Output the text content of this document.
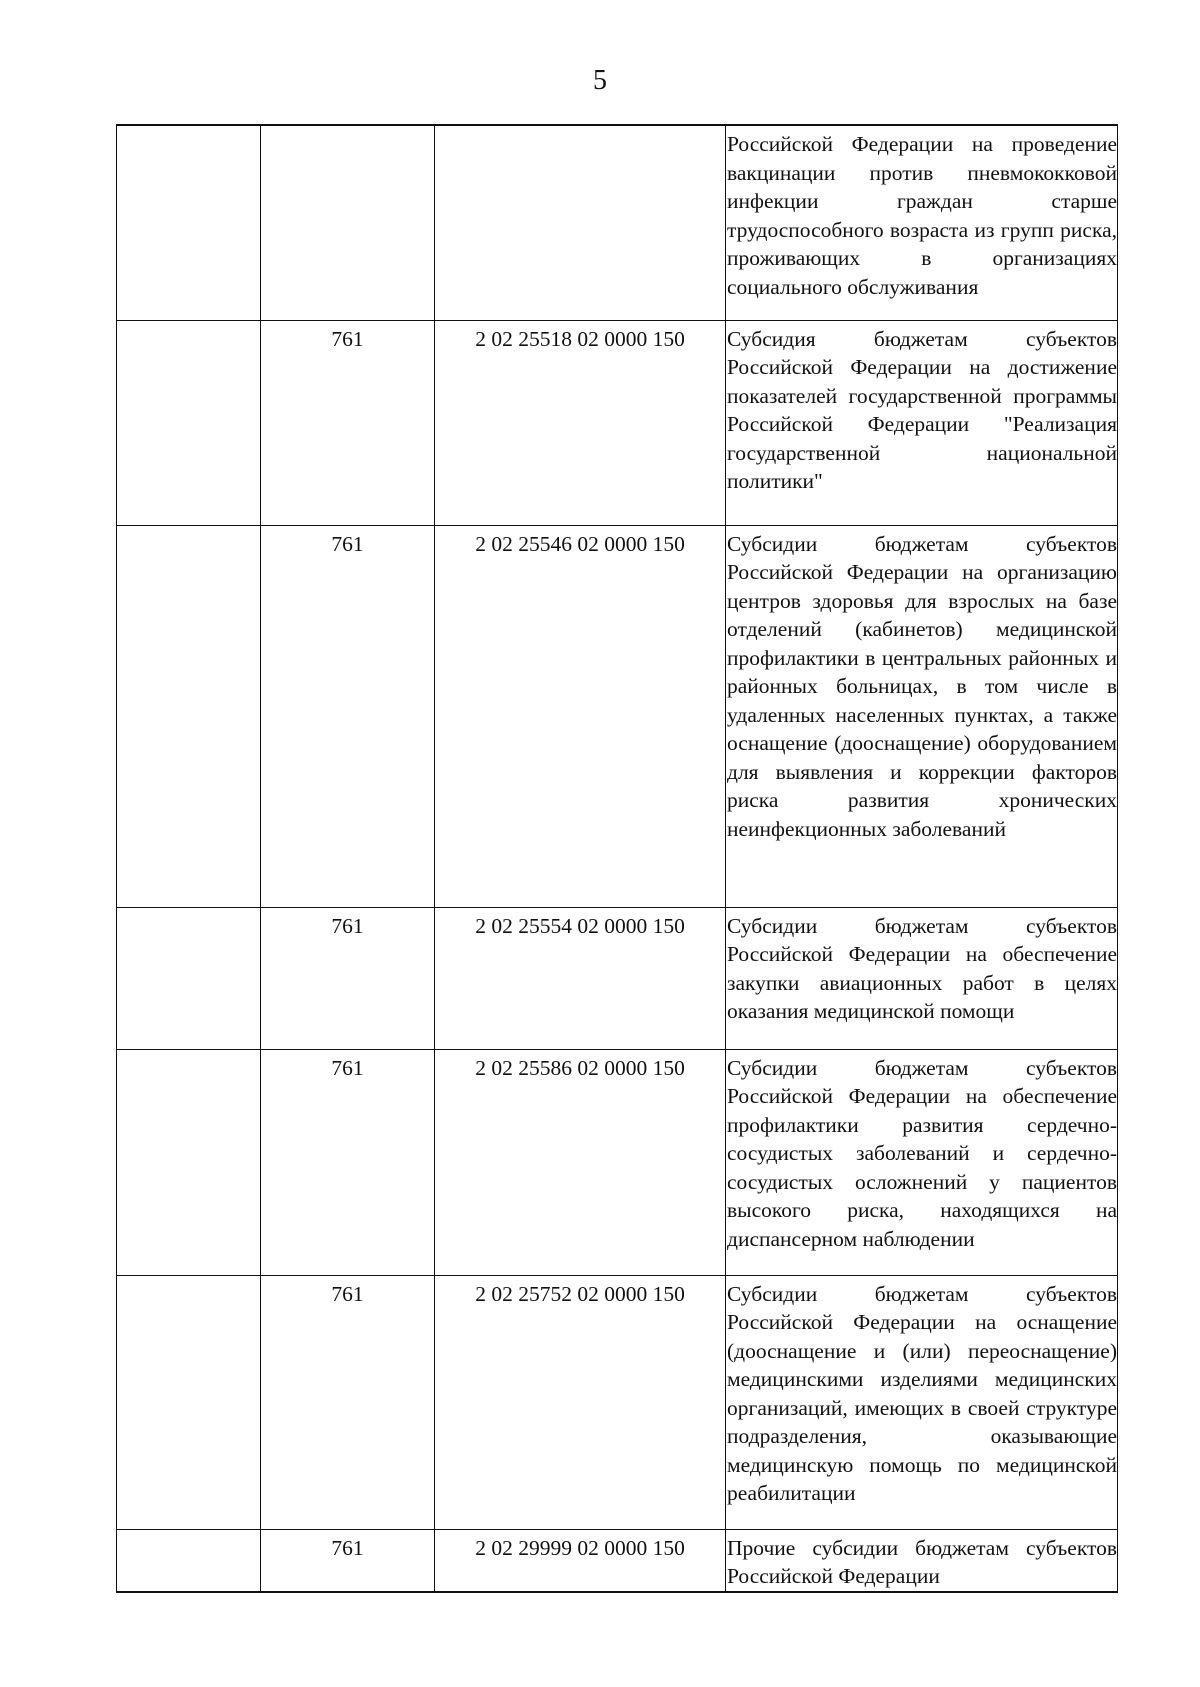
5

			Российской Федерации на проведение вакцинации против пневмококковой инфекции граждан старше трудоспособного возраста из групп риска, проживающих в организациях социального обслуживания

	761	2 02 25518 02 0000 150	Субсидия бюджетам субъектов Российской Федерации на достижение показателей государственной программы Российской Федерации "Реализация государственной национальной политики"

	761	2 02 25546 02 0000 150	Субсидии бюджетам субъектов Российской Федерации на организацию центров здоровья для взрослых на базе отделений (кабинетов) медицинской профилактики в центральных районных и районных больницах, в том числе в удаленных населенных пунктах, а также оснащение (дооснащение) оборудованием для выявления и коррекции факторов риска развития хронических неинфекционных заболеваний

	761	2 02 25554 02 0000 150	Субсидии бюджетам субъектов Российской Федерации на обеспечение закупки авиационных работ в целях оказания медицинской помощи

	761	2 02 25586 02 0000 150	Субсидии бюджетам субъектов Российской Федерации на обеспечение профилактики развития сердечно-сосудистых заболеваний и сердечно-сосудистых осложнений у пациентов высокого риска, находящихся на диспансерном наблюдении

	761	2 02 25752 02 0000 150	Субсидии бюджетам субъектов Российской Федерации на оснащение (дооснащение и (или) переоснащение) медицинскими изделиями медицинских организаций, имеющих в своей структуре подразделения, оказывающие медицинскую помощь по медицинской реабилитации

	761	2 02 29999 02 0000 150	Прочие субсидии бюджетам субъектов Российской Федерации
